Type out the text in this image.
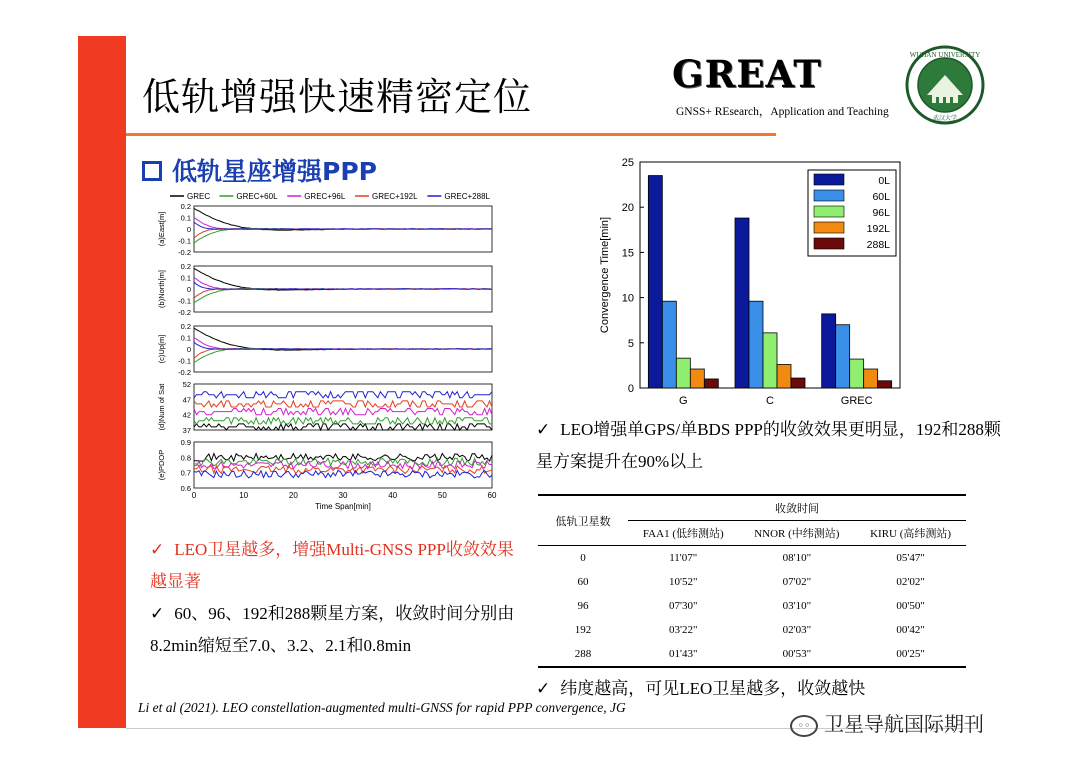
低轨增强快速精密定位
GREAT
GNSS+ REsearch，Application and Teaching
WUHAN UNIVERSITY
武汉大学
低轨星座增强PPP
GREC	GREC+60L	GREC+96L	GREC+192L	GREC+288L
0.2
0.1
0
-0.1
-0.2
(a)East[m]
0.2
0.1
0
-0.1
-0.2
(b)North[m]
0.2
0.1
0
-0.1
-0.2
(c)Up[m]
52
47
42
37
(d)Num of Sat
0.9
0.8
0.7
0.6
(e)PDOP
0	10	20	30	40	50	60
Time Span[min]
0
5
10
15
20
25
Convergence Time[min]
G	C	GREC
0L
60L
96L
192L
288L
✓ LEO增强单GPS/单BDS PPP的收敛效果更明显，192和288颗星方案提升在90%以上
低轨卫星数	收敛时间		
	FAA1 (低纬测站)	NNOR (中纬测站)	KIRU (高纬测站)
0	11'07"	08'10"	05'47"
60	10'52"	07'02"	02'02"
96	07'30"	03'10"	00'50"
192	03'22"	02'03"	00'42"
288	01'43"	00'53"	00'25"
✓ LEO卫星越多，增强Multi-GNSS PPP收敛效果越显著
✓ 60、96、192和288颗星方案，收敛时间分别由8.2min缩短至7.0、3.2、2.1和0.8min
✓ 纬度越高，可见LEO卫星越多，收敛越快
Li et al (2021). LEO constellation-augmented multi-GNSS for rapid PPP convergence, JG
◦◦ 卫星导航国际期刊
